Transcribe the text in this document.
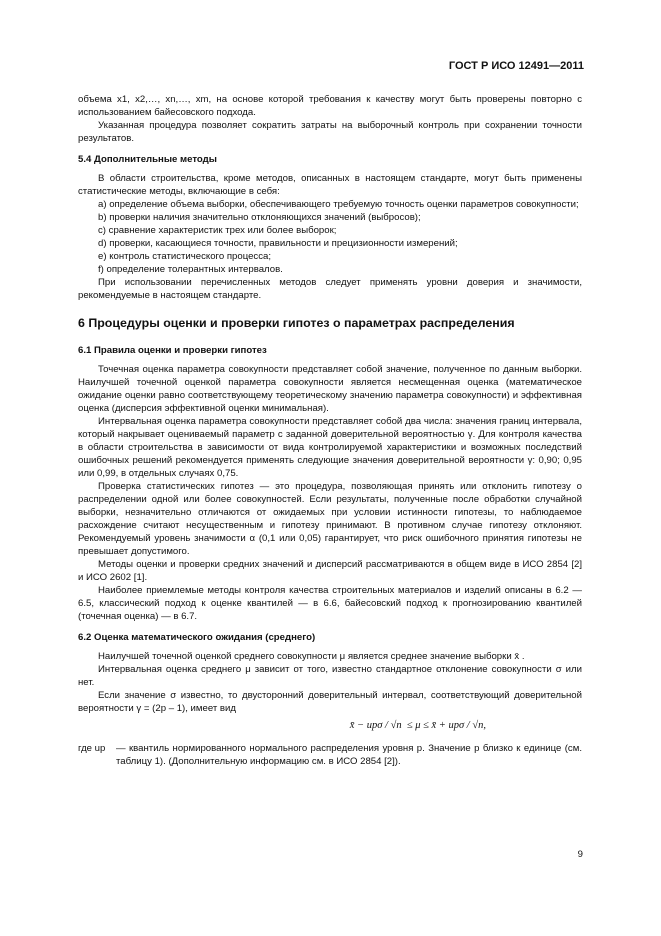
ГОСТ Р ИСО 12491—2011

объема x1, x2,…, xn,…, xm, на основе которой требования к качеству могут быть проверены повторно с использованием байесовского подхода.

Указанная процедура позволяет сократить затраты на выборочный контроль при сохранении точности результатов.

5.4 Дополнительные методы

В области строительства, кроме методов, описанных в настоящем стандарте, могут быть применены статистические методы, включающие в себя:

a) определение объема выборки, обеспечивающего требуемую точность оценки параметров совокупности;

b) проверки наличия значительно отклоняющихся значений (выбросов);

c) сравнение характеристик трех или более выборок;

d) проверки, касающиеся точности, правильности и прецизионности измерений;

e) контроль статистического процесса;

f) определение толерантных интервалов.

При использовании перечисленных методов следует применять уровни доверия и значимости, рекомендуемые в настоящем стандарте.

6 Процедуры оценки и проверки гипотез о параметрах распределения

6.1 Правила оценки и проверки гипотез

Точечная оценка параметра совокупности представляет собой значение, полученное по данным выборки. Наилучшей точечной оценкой параметра совокупности является несмещенная оценка (математическое ожидание оценки равно соответствующему теоретическому значению параметра совокупности) и эффективная оценка (дисперсия эффективной оценки минимальная).

Интервальная оценка параметра совокупности представляет собой два числа: значения границ интервала, который накрывает оцениваемый параметр с заданной доверительной вероятностью γ. Для контроля качества в области строительства в зависимости от вида контролируемой характеристики и возможных последствий ошибочных решений рекомендуется применять следующие значения доверительной вероятности γ: 0,90; 0,95 или 0,99, в отдельных случаях 0,75.

Проверка статистических гипотез — это процедура, позволяющая принять или отклонить гипотезу о распределении одной или более совокупностей. Если результаты, полученные после обработки случайной выборки, незначительно отличаются от ожидаемых при условии истинности гипотезы, то наблюдаемое расхождение считают несущественным и гипотезу принимают. В противном случае гипотезу отклоняют. Рекомендуемый уровень значимости α (0,1 или 0,05) гарантирует, что риск ошибочного принятия гипотезы не превышает допустимого.

Методы оценки и проверки средних значений и дисперсий рассматриваются в общем виде в ИСО 2854 [2] и ИСО 2602 [1].

Наиболее приемлемые методы контроля качества строительных материалов и изделий описаны в 6.2 — 6.5, классический подход к оценке квантилей — в 6.6, байесовский подход к прогнозированию квантилей (точечная оценка) — в 6.7.

6.2 Оценка математического ожидания (среднего)

Наилучшей точечной оценкой среднего совокупности μ является среднее значение выборки x̄ .

Интервальная оценка среднего μ зависит от того, известно стандартное отклонение совокупности σ или нет.

Если значение σ известно, то двусторонний доверительный интервал, соответствующий доверительной вероятности γ = (2p – 1), имеет вид

x̄ − upσ / √n  ≤ μ ≤ x̄ + upσ / √n,
где up	— квантиль нормированного нормального распределения уровня p. Значение p близко к единице (см. таблицу 1). (Дополнительную информацию см. в ИСО 2854 [2]).
9
